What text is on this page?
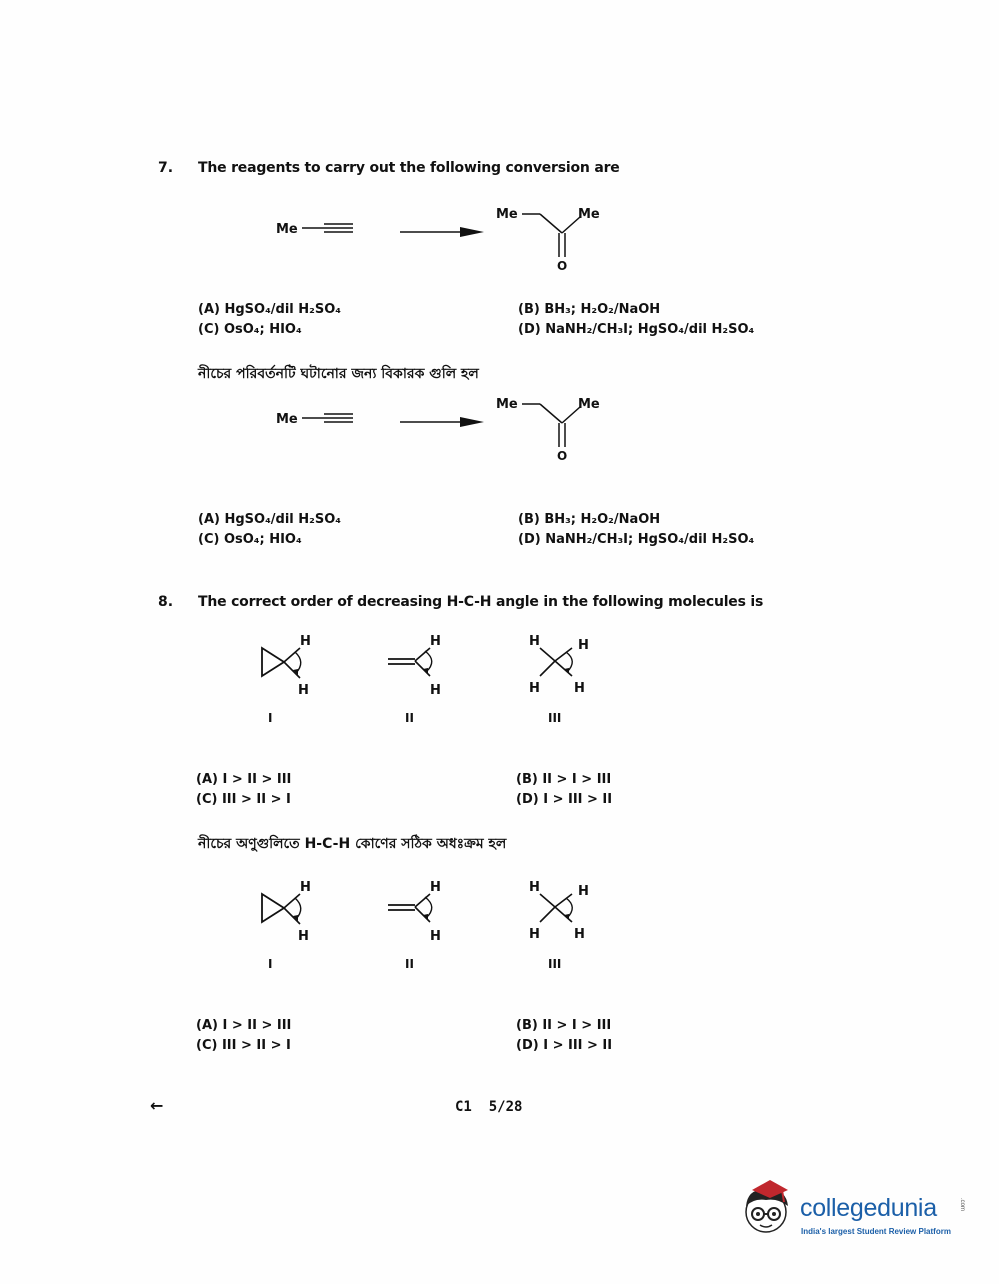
7. The reagents to carry out the following conversion are
Me
Me	Me
O
(A) HgSO₄/dil H₂SO₄	(B) BH₃; H₂O₂/NaOH
(C) OsO₄; HIO₄	(D) NaNH₂/CH₃I; HgSO₄/dil H₂SO₄
নীচের পরিবর্তনটি ঘটানোর জন্য বিকারক গুলি হল
Me
Me	Me
O
(A) HgSO₄/dil H₂SO₄	(B) BH₃; H₂O₂/NaOH
(C) OsO₄; HIO₄	(D) NaNH₂/CH₃I; HgSO₄/dil H₂SO₄
8. The correct order of decreasing H-C-H angle in the following molecules is
H
H
I
H
H
II
H	H
H	H
III
(A) I > II > III	(B) II > I > III
(C) III > II > I	(D) I > III > II
নীচের অণুগুলিতে H-C-H কোণের সঠিক অধঃক্রম হল
H
H
I
H
H
II
H	H
H	H
III
(A) I > II > III	(B) II > I > III
(C) III > II > I	(D) I > III > II
←	C1  5/28
collegedunia	.com
India's largest Student Review Platform
